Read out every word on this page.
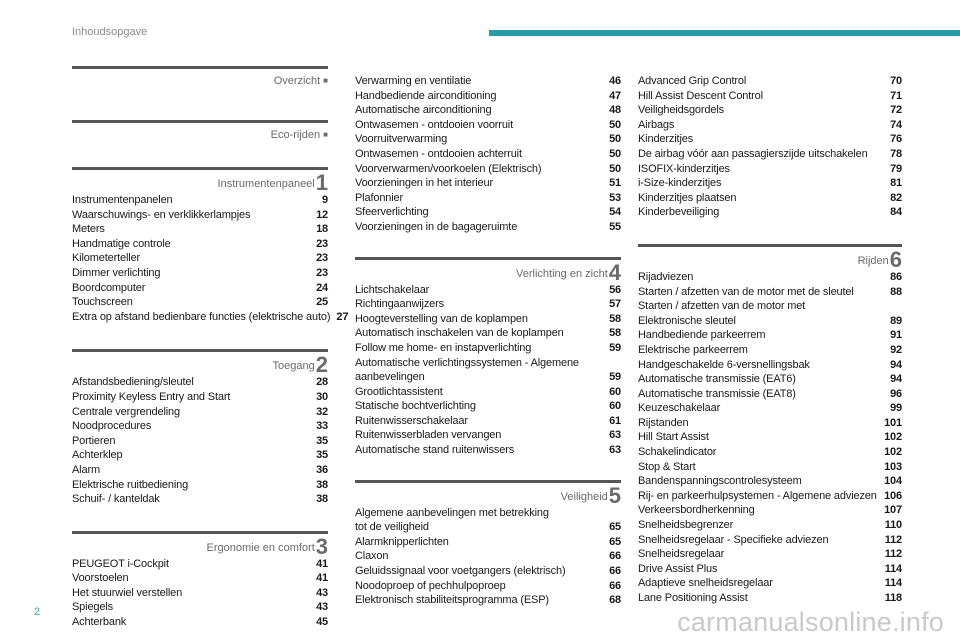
Inhoudsopgave
Overzicht ■
Eco-rijden ■
Instrumentenpaneel 1
Instrumentenpanelen	9
Waarschuwings- en verklikkerlampjes	12
Meters	18
Handmatige controle	23
Kilometerteller	23
Dimmer verlichting	23
Boordcomputer	24
Touchscreen	25
Extra op afstand bedienbare functies (elektrische auto) 27
Toegang 2
Afstandsbediening/sleutel	28
Proximity Keyless Entry and Start	30
Centrale vergrendeling	32
Noodprocedures	33
Portieren	35
Achterklep	35
Alarm	36
Elektrische ruitbediening	38
Schuif- / kanteldak	38
Ergonomie en comfort 3
PEUGEOT i-Cockpit	41
Voorstoelen	41
Het stuurwiel verstellen	43
Spiegels	43
Achterbank	45
Verwarming en ventilatie	46
Handbediende airconditioning	47
Automatische airconditioning	48
Ontwasemen - ontdooien voorruit	50
Voorruitverwarming	50
Ontwasemen - ontdooien achterruit	50
Voorverwarmen/voorkoelen (Elektrisch)	50
Voorzieningen in het interieur	51
Plafonnier	53
Sfeerverlichting	54
Voorzieningen in de bagageruimte	55
Verlichting en zicht 4
Lichtschakelaar	56
Richtingaanwijzers	57
Hoogteverstelling van de koplampen	58
Automatisch inschakelen van de koplampen	58
Follow me home- en instapverlichting	59
Automatische verlichtingssystemen - Algemene
aanbevelingen	59
Grootlichtassistent	60
Statische bochtverlichting	60
Ruitenwisserschakelaar	61
Ruitenwisserbladen vervangen	63
Automatische stand ruitenwissers	63
Veiligheid 5
Algemene aanbevelingen met betrekking
tot de veiligheid	65
Alarmknipperlichten	65
Claxon	66
Geluidssignaal voor voetgangers (elektrisch)	66
Noodoproep of pechhulpoproep	66
Elektronisch stabiliteitsprogramma (ESP)	68
Advanced Grip Control	70
Hill Assist Descent Control	71
Veiligheidsgordels	72
Airbags	74
Kinderzitjes	76
De airbag vóór aan passagierszijde uitschakelen	78
ISOFIX-kinderzitjes	79
i-Size-kinderzitjes	81
Kinderzitjes plaatsen	82
Kinderbeveiliging	84
Rijden 6
Rijadviezen	86
Starten / afzetten van de motor met de sleutel	88
Starten / afzetten van de motor met
Elektronische sleutel	89
Handbediende parkeerrem	91
Elektrische parkeerrem	92
Handgeschakelde 6-versnellingsbak	94
Automatische transmissie (EAT6)	94
Automatische transmissie (EAT8)	96
Keuzeschakelaar	99
Rijstanden	101
Hill Start Assist	102
Schakelindicator	102
Stop & Start	103
Bandenspanningscontrolesysteem	104
Rij- en parkeerhulpsystemen - Algemene adviezen 106
Verkeersbordherkenning	107
Snelheidsbegrenzer	110
Snelheidsregelaar - Specifieke adviezen	112
Snelheidsregelaar	112
Drive Assist Plus	114
Adaptieve snelheidsregelaar	114
Lane Positioning Assist	118
2	carmanualsonline.info
